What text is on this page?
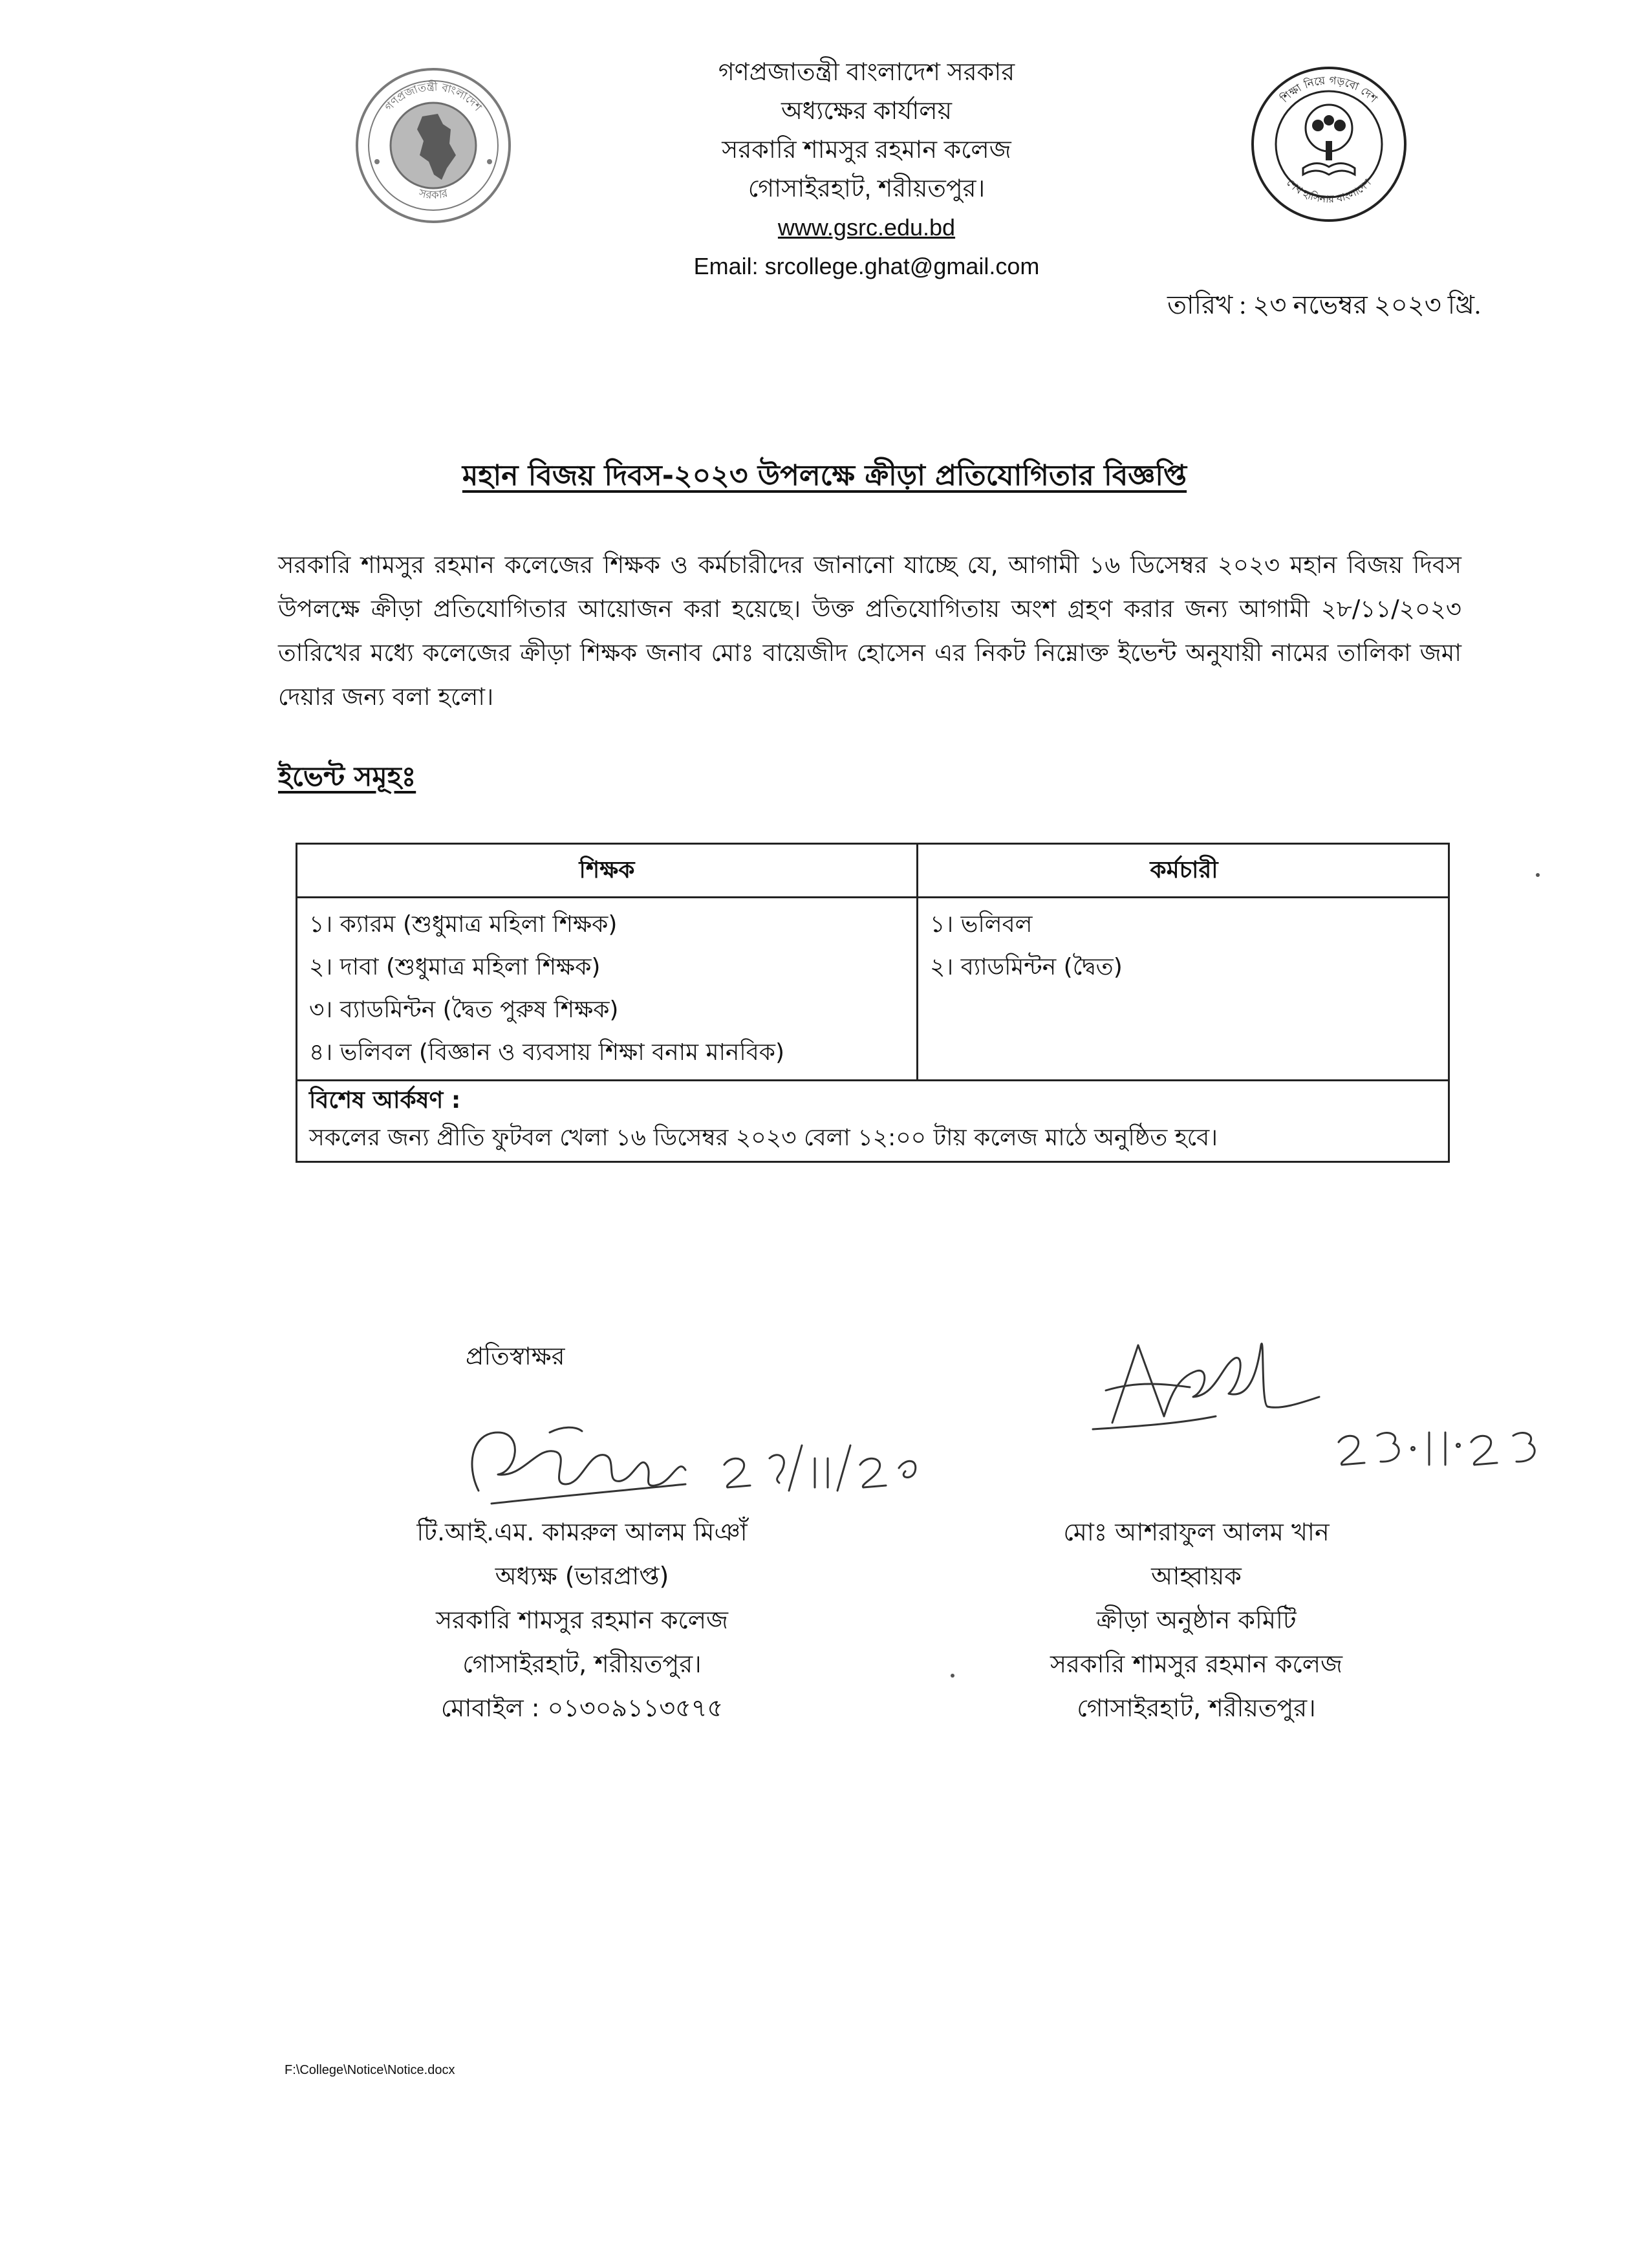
গণপ্রজাতন্ত্রী বাংলাদেশ
সরকার
গণপ্রজাতন্ত্রী বাংলাদেশ সরকার
অধ্যক্ষের কার্যালয়
সরকারি শামসুর রহমান কলেজ
গোসাইরহাট, শরীয়তপুর।
www.gsrc.edu.bd
Email: srcollege.ghat@gmail.com
শিক্ষা নিয়ে গড়বো দেশ
শেখ হাসিনার বাংলাদেশ
তারিখ : ২৩ নভেম্বর ২০২৩ খ্রি.
মহান বিজয় দিবস-২০২৩ উপলক্ষে ক্রীড়া প্রতিযোগিতার বিজ্ঞপ্তি
সরকারি শামসুর রহমান কলেজের শিক্ষক ও কর্মচারীদের জানানো যাচ্ছে যে, আগামী ১৬ ডিসেম্বর ২০২৩ মহান বিজয় দিবস উপলক্ষে ক্রীড়া প্রতিযোগিতার আয়োজন করা হয়েছে। উক্ত প্রতিযোগিতায় অংশ গ্রহণ করার জন্য আগামী ২৮/১১/২০২৩ তারিখের মধ্যে কলেজের ক্রীড়া শিক্ষক জনাব মোঃ বায়েজীদ হোসেন এর নিকট নিম্নোক্ত ইভেন্ট অনুযায়ী নামের তালিকা জমা দেয়ার জন্য বলা হলো।
ইভেন্ট সমূহঃ
শিক্ষক	কর্মচারী
১। ক্যারম (শুধুমাত্র মহিলা শিক্ষক)
২। দাবা (শুধুমাত্র মহিলা শিক্ষক)
৩। ব্যাডমিন্টন (দ্বৈত পুরুষ শিক্ষক)
৪। ভলিবল (বিজ্ঞান ও ব্যবসায় শিক্ষা বনাম মানবিক)
১। ভলিবল
২। ব্যাডমিন্টন (দ্বৈত)
বিশেষ আর্কষণ :
সকলের জন্য প্রীতি ফুটবল খেলা ১৬ ডিসেম্বর ২০২৩ বেলা ১২:০০ টায় কলেজ মাঠে অনুষ্ঠিত হবে।
প্রতিস্বাক্ষর
টি.আই.এম. কামরুল আলম মিঞাঁ
অধ্যক্ষ (ভারপ্রাপ্ত)
সরকারি শামসুর রহমান কলেজ
গোসাইরহাট, শরীয়তপুর।
মোবাইল : ০১৩০৯১১৩৫৭৫
মোঃ আশরাফুল আলম খান
আহ্বায়ক
ক্রীড়া অনুষ্ঠান কমিটি
সরকারি শামসুর রহমান কলেজ
গোসাইরহাট, শরীয়তপুর।
F:\College\Notice\Notice.docx
